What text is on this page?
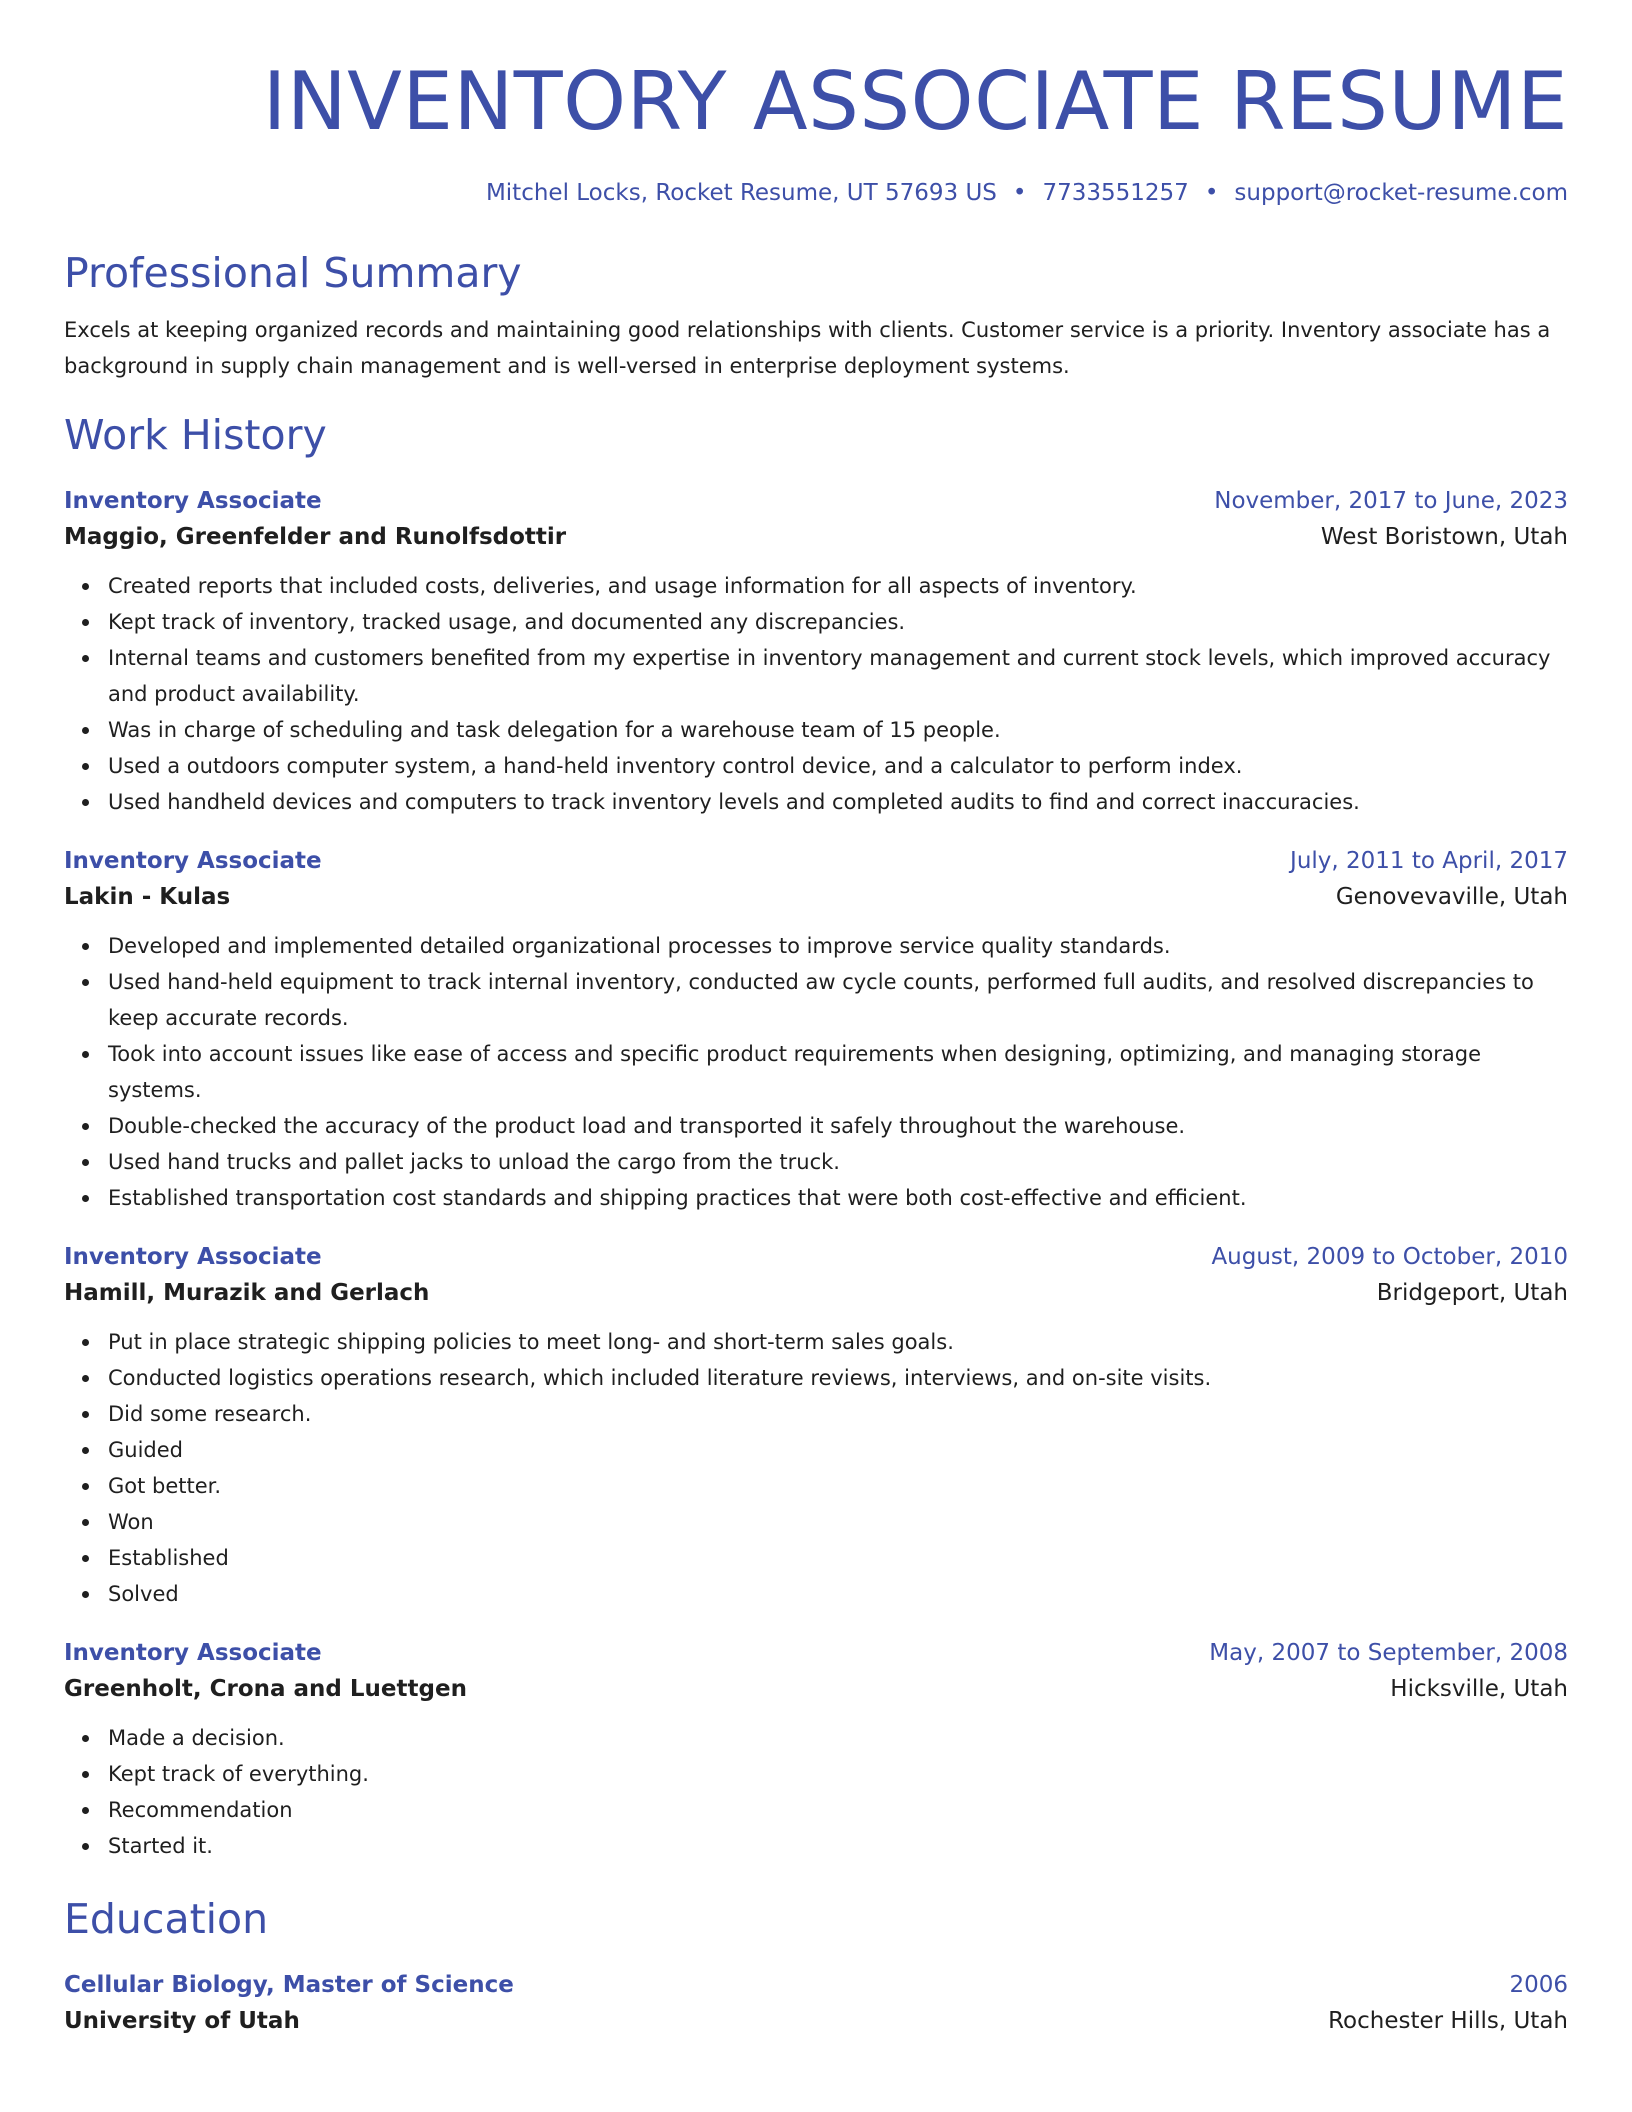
INVENTORY ASSOCIATE RESUME
Mitchel Locks, Rocket Resume, UT 57693 US • 7733551257 • support@rocket-resume.com
Professional Summary
Excels at keeping organized records and maintaining good relationships with clients. Customer service is a priority. Inventory associate has a background in supply chain management and is well-versed in enterprise deployment systems.
Work History
Inventory Associate	November, 2017 to June, 2023
Maggio, Greenfelder and Runolfsdottir	West Boristown, Utah
Created reports that included costs, deliveries, and usage information for all aspects of inventory.
Kept track of inventory, tracked usage, and documented any discrepancies.
Internal teams and customers benefited from my expertise in inventory management and current stock levels, which improved accuracy and product availability.
Was in charge of scheduling and task delegation for a warehouse team of 15 people.
Used a outdoors computer system, a hand-held inventory control device, and a calculator to perform index.
Used handheld devices and computers to track inventory levels and completed audits to find and correct inaccuracies.
Inventory Associate	July, 2011 to April, 2017
Lakin - Kulas	Genovevaville, Utah
Developed and implemented detailed organizational processes to improve service quality standards.
Used hand-held equipment to track internal inventory, conducted aw cycle counts, performed full audits, and resolved discrepancies to keep accurate records.
Took into account issues like ease of access and specific product requirements when designing, optimizing, and managing storage systems.
Double-checked the accuracy of the product load and transported it safely throughout the warehouse.
Used hand trucks and pallet jacks to unload the cargo from the truck.
Established transportation cost standards and shipping practices that were both cost-effective and efficient.
Inventory Associate	August, 2009 to October, 2010
Hamill, Murazik and Gerlach	Bridgeport, Utah
Put in place strategic shipping policies to meet long- and short-term sales goals.
Conducted logistics operations research, which included literature reviews, interviews, and on-site visits.
Did some research.
Guided
Got better.
Won
Established
Solved
Inventory Associate	May, 2007 to September, 2008
Greenholt, Crona and Luettgen	Hicksville, Utah
Made a decision.
Kept track of everything.
Recommendation
Started it.
Education
Cellular Biology, Master of Science	2006
University of Utah	Rochester Hills, Utah
